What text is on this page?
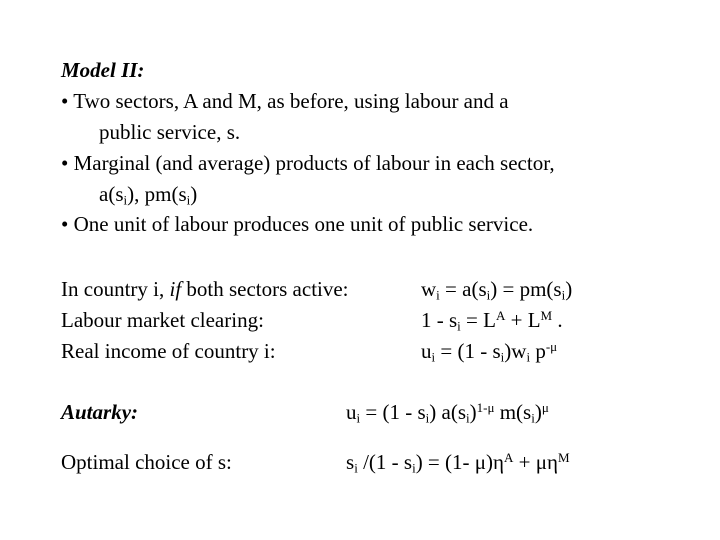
Model II:
• Two sectors, A and M, as before, using labour and a
public service, s.
• Marginal (and average) products of labour in each sector,
$a(s_i)$, $pm(s_i)$
• One unit of labour produces one unit of public service.
In country i, if both sectors active:	$w_i = a(s_i) = pm(s_i)$
Labour market clearing:	$1 - s_i = L^A + L^M$ .
Real income of country i:	$u_i = (1 - s_i)w_i$ $p^{-\mu}$
Autarky:	$u_i = (1 - s_i)$ $a(s_i)^{1-\mu}$ $m(s_i)^\mu$
Optimal choice of s:	$s_i$ $/(1 - s_i) = (1-$ $\mu)\eta^A + \mu\eta^M$
